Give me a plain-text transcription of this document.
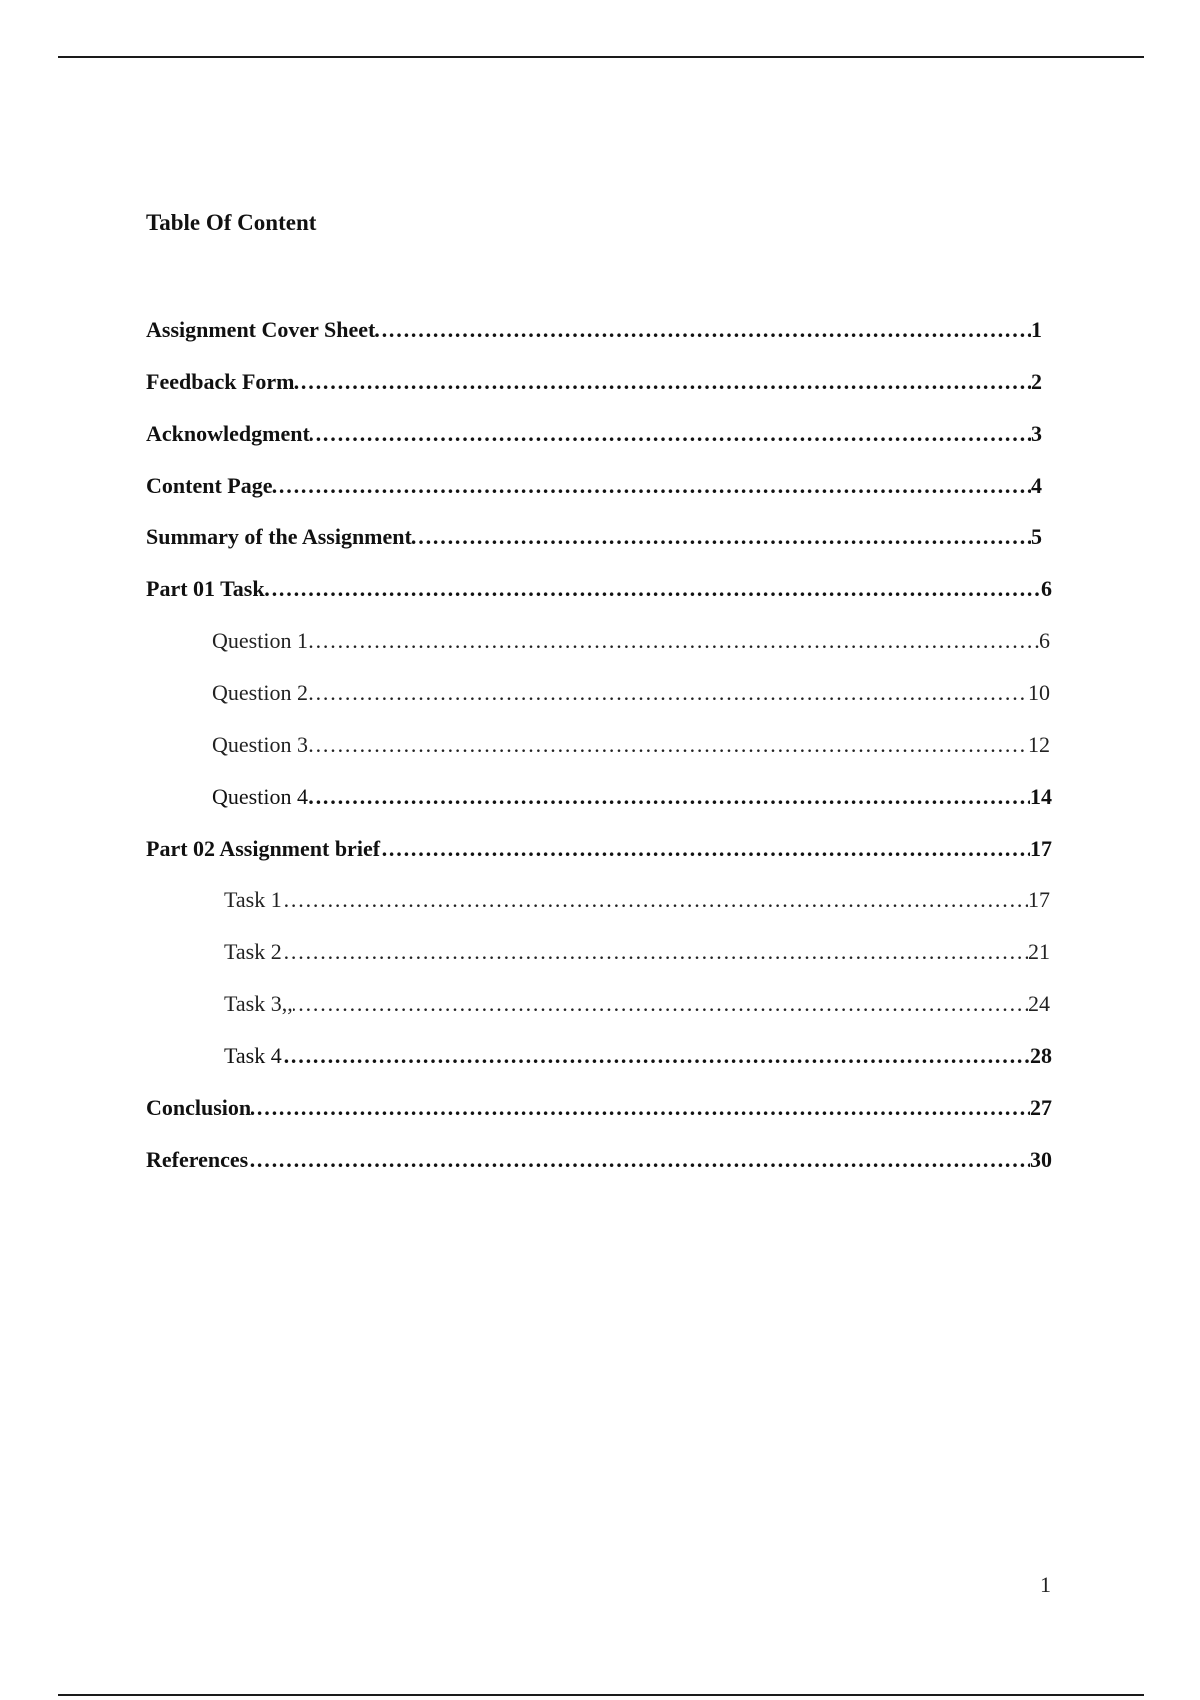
Table Of Content
Assignment Cover Sheet	1
………………………………………………………………………………………………………………………………………………………………………………………
Feedback Form	2
………………………………………………………………………………………………………………………………………………………………………………………
Acknowledgment	3
………………………………………………………………………………………………………………………………………………………………………………………
Content Page	4
………………………………………………………………………………………………………………………………………………………………………………………
Summary of the Assignment	5
………………………………………………………………………………………………………………………………………………………………………………………
Part 01 Task	6
………………………………………………………………………………………………………………………………………………………………………………………
Question 1	6
………………………………………………………………………………………………………………………………………………………………………………………
Question 2	10
………………………………………………………………………………………………………………………………………………………………………………………
Question 3	12
………………………………………………………………………………………………………………………………………………………………………………………
Question 4	14
………………………………………………………………………………………………………………………………………………………………………………………
Part 02 Assignment brief	17
………………………………………………………………………………………………………………………………………………………………………………………
Task 1	17
………………………………………………………………………………………………………………………………………………………………………………………
Task 2	21
………………………………………………………………………………………………………………………………………………………………………………………
Task 3,,	24
………………………………………………………………………………………………………………………………………………………………………………………
Task 4	28
………………………………………………………………………………………………………………………………………………………………………………………
Conclusion	27
………………………………………………………………………………………………………………………………………………………………………………………
References	30
………………………………………………………………………………………………………………………………………………………………………………………
1
